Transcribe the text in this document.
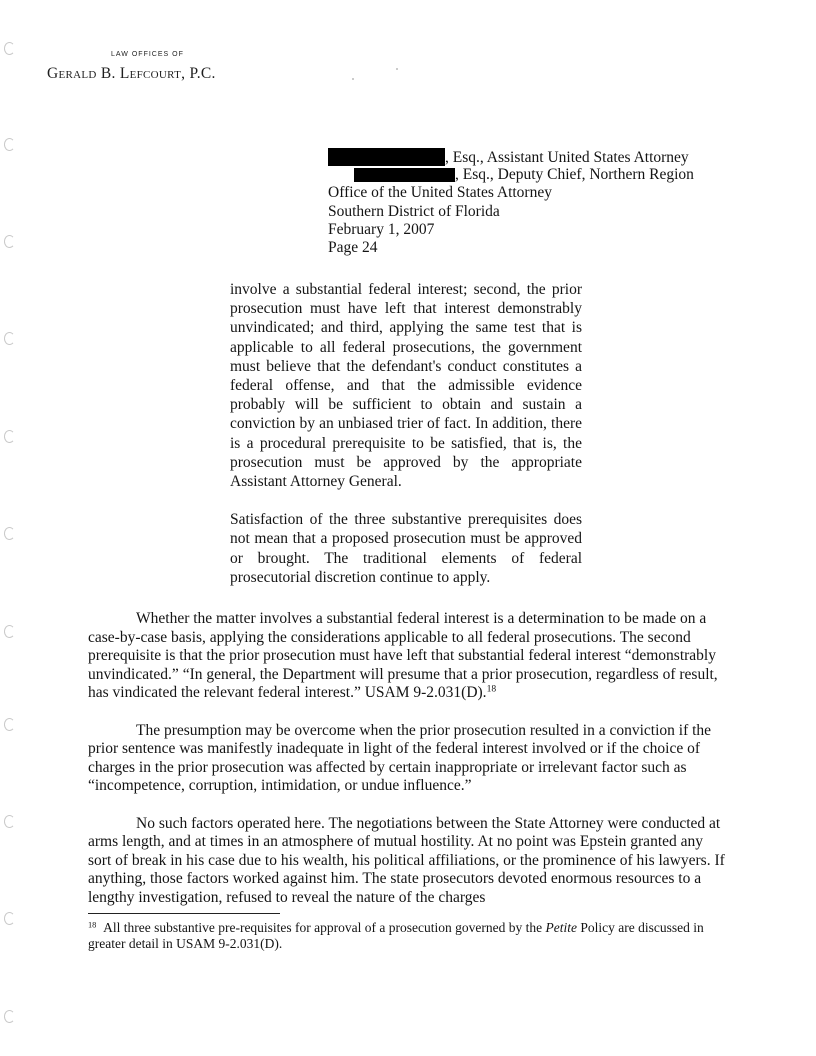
LAW OFFICES OF
Gerald B. Lefcourt, P.C.
, Esq., Assistant United States Attorney
, Esq., Deputy Chief, Northern Region
Office of the United States Attorney
Southern District of Florida
February 1, 2007
Page 24

involve a substantial federal interest; second, the prior prosecution must have left that interest demonstrably unvindicated; and third, applying the same test that is applicable to all federal prosecutions, the government must believe that the defendant's conduct constitutes a federal offense, and that the admissible evidence probably will be sufficient to obtain and sustain a conviction by an unbiased trier of fact. In addition, there is a procedural prerequisite to be satisfied, that is, the prosecution must be approved by the appropriate Assistant Attorney General.

Satisfaction of the three substantive prerequisites does not mean that a proposed prosecution must be approved or brought. The traditional elements of federal prosecutorial discretion continue to apply.

Whether the matter involves a substantial federal interest is a determination to be made on a case-by-case basis, applying the considerations applicable to all federal prosecutions. The second prerequisite is that the prior prosecution must have left that substantial federal interest “demonstrably unvindicated.” “In general, the Department will presume that a prior prosecution, regardless of result, has vindicated the relevant federal interest.” USAM 9-2.031(D).$^{18}$

The presumption may be overcome when the prior prosecution resulted in a conviction if the prior sentence was manifestly inadequate in light of the federal interest involved or if the choice of charges in the prior prosecution was affected by certain inappropriate or irrelevant factor such as “incompetence, corruption, intimidation, or undue influence.”

No such factors operated here. The negotiations between the State Attorney were conducted at arms length, and at times in an atmosphere of mutual hostility. At no point was Epstein granted any sort of break in his case due to his wealth, his political affiliations, or the prominence of his lawyers. If anything, those factors worked against him. The state prosecutors devoted enormous resources to a lengthy investigation, refused to reveal the nature of the charges

$^{18}$ All three substantive pre-requisites for approval of a prosecution governed by the Petite Policy are discussed in greater detail in USAM 9-2.031(D).
